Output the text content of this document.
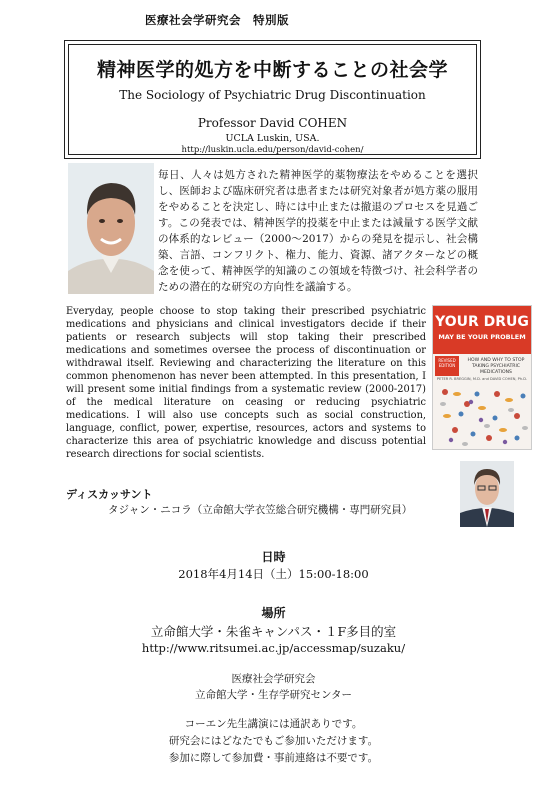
医療社会学研究会　特別版
精神医学的処方を中断することの社会学
The Sociology of Psychiatric Drug Discontinuation
Professor David COHEN
UCLA Luskin, USA.
http://luskin.ucla.edu/person/david-cohen/
毎日、人々は処方された精神医学的薬物療法をやめることを選択し、医師および臨床研究者は患者または研究対象者が処方薬の服用をやめることを決定し、時には中止または撤退のプロセスを見過ごす。この発表では、精神医学的投薬を中止または減量する医学文献の体系的なレビュー（2000〜2017）からの発見を提示し、社会構築、言語、コンフリクト、権力、能力、資源、諸アクターなどの概念を使って、精神医学的知識のこの領域を特徴づけ、社会科学者のための潜在的な研究の方向性を議論する。
Everyday, people choose to stop taking their prescribed psychiatric medications and physicians and clinical investigators decide if their patients or research subjects will stop taking their prescribed medications and sometimes oversee the process of discontinuation or withdrawal itself. Reviewing and characterizing the literature on this common phenomenon has never been attempted. In this presentation, I will present some initial findings from a systematic review (2000-2017) of the medical literature on ceasing or reducing psychiatric medications. I will also use concepts such as social construction, language, conflict, power, expertise, resources, actors and systems to characterize this area of psychiatric knowledge and discuss potential research directions for social scientists.
YOUR DRUG
MAY BE YOUR PROBLEM
REVISED EDITION
HOW AND WHY TO STOP TAKING PSYCHIATRIC MEDICATIONS
PETER R. BREGGIN, M.D. and DAVID COHEN, Ph.D.
ディスカッサント
タジャン・ニコラ（立命館大学衣笠総合研究機構・専門研究員）
日時
2018年4月14日（土）15:00-18:00
場所
立命館大学・朱雀キャンパス・１F多目的室
http://www.ritsumei.ac.jp/accessmap/suzaku/
医療社会学研究会
立命館大学・生存学研究センター
コーエン先生講演には通訳ありです。
研究会にはどなたでもご参加いただけます。
参加に際して参加費・事前連絡は不要です。
